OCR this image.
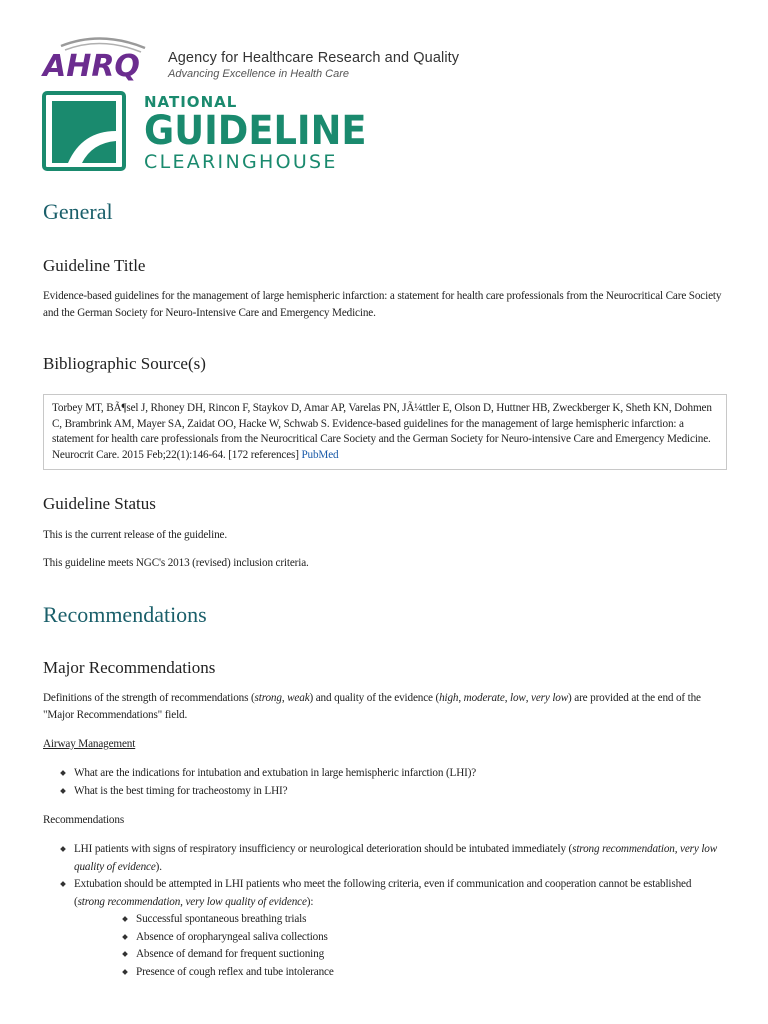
AHRQ Agency for Healthcare Research and Quality
Advancing Excellence in Health Care
NATIONAL
GUIDELINE
CLEARINGHOUSE
General
Guideline Title

Evidence-based guidelines for the management of large hemispheric infarction: a statement for health care professionals from the Neurocritical Care Society and the German Society for Neuro-Intensive Care and Emergency Medicine.

Bibliographic Source(s)
Torbey MT, BÃ¶sel J, Rhoney DH, Rincon F, Staykov D, Amar AP, Varelas PN, JÃ¼ttler E, Olson D, Huttner HB, Zweckberger K, Sheth KN, Dohmen C, Brambrink AM, Mayer SA, Zaidat OO, Hacke W, Schwab S. Evidence-based guidelines for the management of large hemispheric infarction: a statement for health care professionals from the Neurocritical Care Society and the German Society for Neuro-intensive Care and Emergency Medicine. Neurocrit Care. 2015 Feb;22(1):146-64. [172 references] PubMed
Guideline Status

This is the current release of the guideline.

This guideline meets NGC's 2013 (revised) inclusion criteria.

Recommendations
Major Recommendations

Definitions of the strength of recommendations (strong, weak) and quality of the evidence (high, moderate, low, very low) are provided at the end of the "Major Recommendations" field.

Airway Management

What are the indications for intubation and extubation in large hemispheric infarction (LHI)?
What is the best timing for tracheostomy in LHI?

Recommendations

LHI patients with signs of respiratory insufficiency or neurological deterioration should be intubated immediately (strong recommendation, very low quality of evidence).
Extubation should be attempted in LHI patients who meet the following criteria, even if communication and cooperation cannot be established (strong recommendation, very low quality of evidence):
Successful spontaneous breathing trials
Absence of oropharyngeal saliva collections
Absence of demand for frequent suctioning
Presence of cough reflex and tube intolerance
